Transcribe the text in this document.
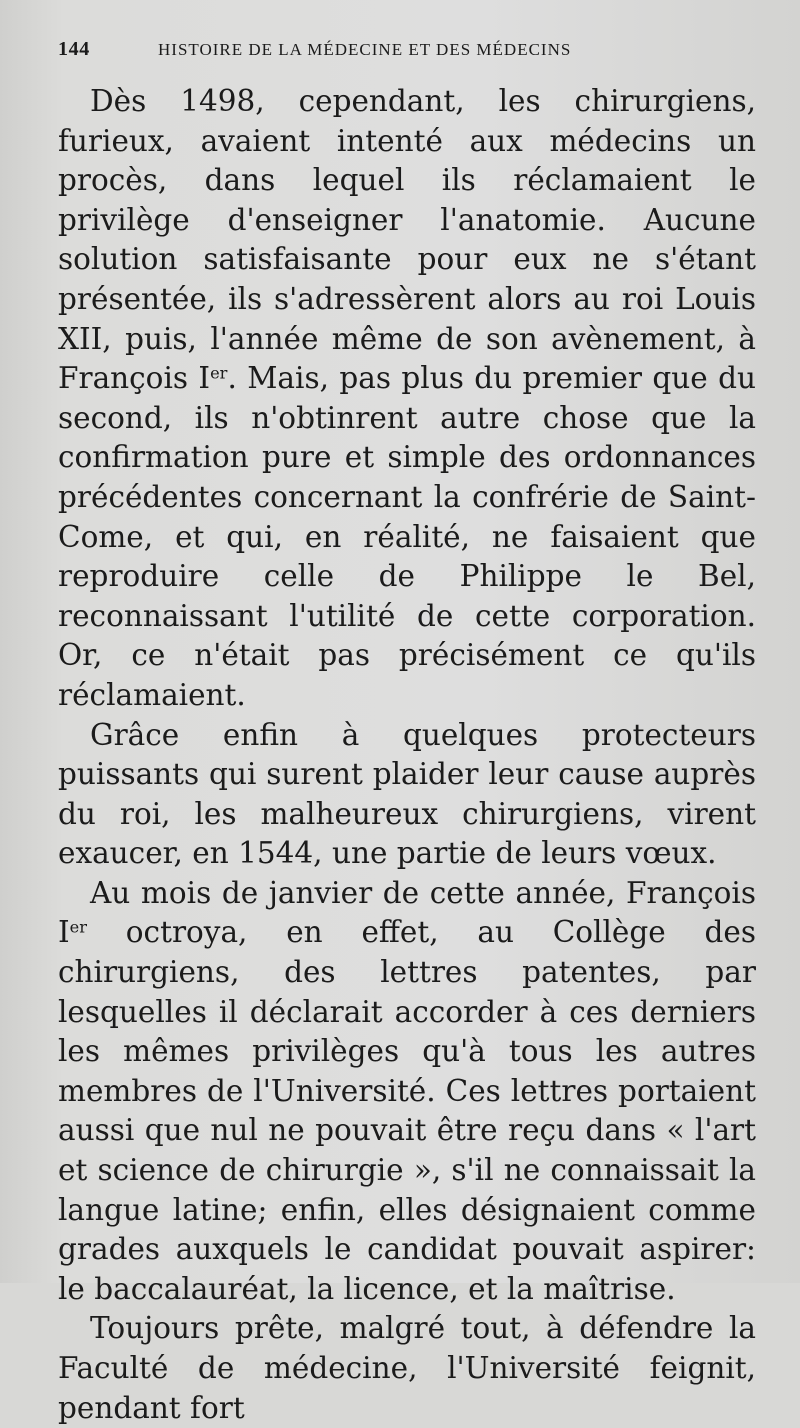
144	HISTOIRE DE LA MÉDECINE ET DES MÉDECINS

Dès 1498, cependant, les chirurgiens, furieux, avaient intenté aux médecins un procès, dans lequel ils réclamaient le privilège d'enseigner l'anatomie. Aucune solution satisfaisante pour eux ne s'étant présentée, ils s'adressèrent alors au roi Louis XII, puis, l'année même de son avènement, à François Ier. Mais, pas plus du premier que du second, ils n'obtinrent autre chose que la confirmation pure et simple des ordonnances précédentes concernant la confrérie de Saint-Come, et qui, en réalité, ne faisaient que reproduire celle de Philippe le Bel, reconnaissant l'utilité de cette corporation. Or, ce n'était pas précisément ce qu'ils réclamaient.

Grâce enfin à quelques protecteurs puissants qui surent plaider leur cause auprès du roi, les malheureux chirurgiens, virent exaucer, en 1544, une partie de leurs vœux.

Au mois de janvier de cette année, François Ier octroya, en effet, au Collège des chirurgiens, des lettres patentes, par lesquelles il déclarait accorder à ces derniers les mêmes privilèges qu'à tous les autres membres de l'Université. Ces lettres portaient aussi que nul ne pouvait être reçu dans « l'art et science de chirurgie », s'il ne connaissait la langue latine; enfin, elles désignaient comme grades auxquels le candidat pouvait aspirer: le baccalauréat, la licence, et la maîtrise.

Toujours prête, malgré tout, à défendre la Faculté de médecine, l'Université feignit, pendant fort
